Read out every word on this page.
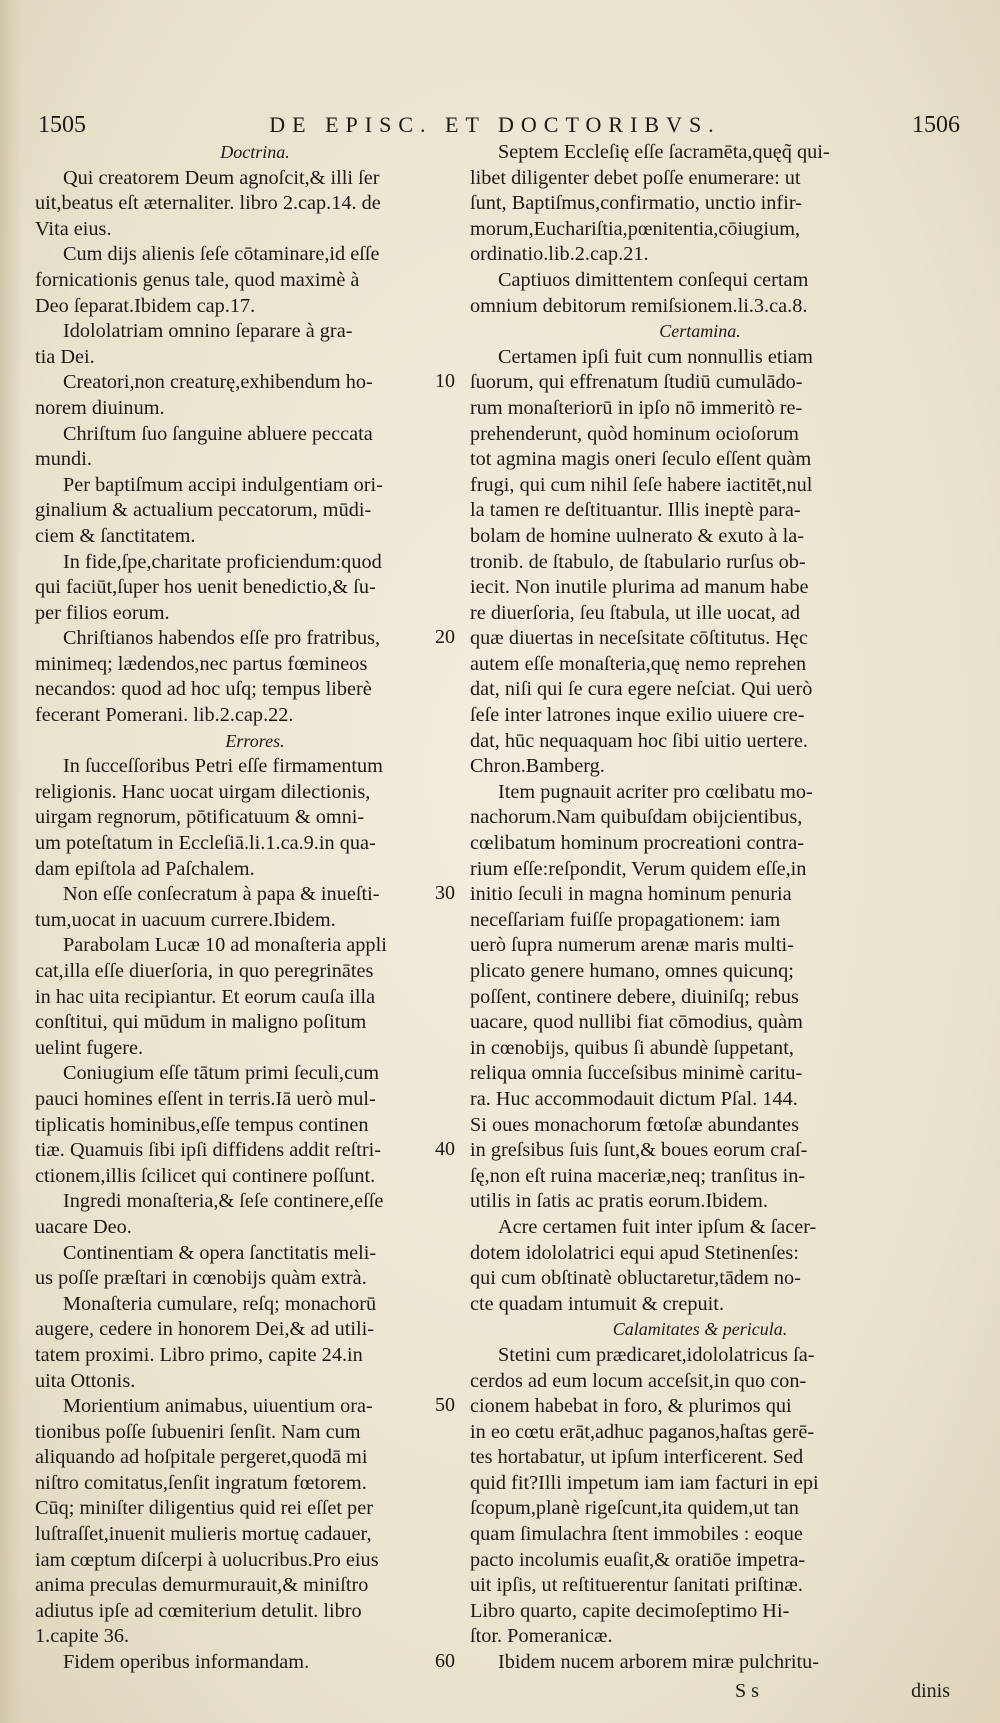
1505	DE EPISC. ET DOCTORIBVS.	1506
Doctrina.
Qui creatorem Deum agnoſcit,& illi ſer
uit,beatus eſt æternaliter. libro 2.cap.14. de
Vita eius.
Cum dijs alienis ſeſe cōtaminare,id eſſe
fornicationis genus tale, quod maximè à
Deo ſeparat.Ibidem cap.17.
Idololatriam omnino ſeparare à gra-
tia Dei.
Creatori,non creaturę,exhibendum ho-
norem diuinum.
Chriſtum ſuo ſanguine abluere peccata
mundi.
Per baptiſmum accipi indulgentiam ori-
ginalium & actualium peccatorum, mūdi-
ciem & ſanctitatem.
In fide,ſpe,charitate proficiendum:quod
qui faciūt,ſuper hos uenit benedictio,& ſu-
per filios eorum.
Chriſtianos habendos eſſe pro fratribus,
minimeq; lædendos,nec partus fœmineos
necandos: quod ad hoc uſq; tempus liberè
fecerant Pomerani. lib.2.cap.22.
Errores.
In ſucceſſoribus Petri eſſe firmamentum
religionis. Hanc uocat uirgam dilectionis,
uirgam regnorum, pōtificatuum & omni-
um poteſtatum in Eccleſiā.li.1.ca.9.in qua-
dam epiſtola ad Paſchalem.
Non eſſe conſecratum à papa & inueſti-
tum,uocat in uacuum currere.Ibidem.
Parabolam Lucæ 10 ad monaſteria appli
cat,illa eſſe diuerſoria, in quo peregrinātes
in hac uita recipiantur. Et eorum cauſa illa
conſtitui, qui mūdum in maligno poſitum
uelint fugere.
Coniugium eſſe tātum primi ſeculi,cum
pauci homines eſſent in terris.Iā uerò mul-
tiplicatis hominibus,eſſe tempus continen
tiæ. Quamuis ſibi ipſi diffidens addit reſtri-
ctionem,illis ſcilicet qui continere poſſunt.
Ingredi monaſteria,& ſeſe continere,eſſe
uacare Deo.
Continentiam & opera ſanctitatis meli-
us poſſe præſtari in cœnobijs quàm extrà.
Monaſteria cumulare, reſq; monachorū
augere, cedere in honorem Dei,& ad utili-
tatem proximi. Libro primo, capite 24.in
uita Ottonis.
Morientium animabus, uiuentium ora-
tionibus poſſe ſubueniri ſenſit. Nam cum
aliquando ad hoſpitale pergeret,quodā mi
niſtro comitatus,ſenſit ingratum fœtorem.
Cūq; miniſter diligentius quid rei eſſet per
luſtraſſet,inuenit mulieris mortuę cadauer,
iam cœptum diſcerpi à uolucribus.Pro eius
anima preculas demurmurauit,& miniſtro
adiutus ipſe ad cœmiterium detulit. libro
1.capite 36.
Fidem operibus informandam.
10
20
30
40
50
60
Septem Eccleſię eſſe ſacramēta,quęq̃ qui-
libet diligenter debet poſſe enumerare: ut
ſunt, Baptiſmus,confirmatio, unctio infir-
morum,Euchariſtia,pœnitentia,cōiugium,
ordinatio.lib.2.cap.21.
Captiuos dimittentem conſequi certam
omnium debitorum remiſsionem.li.3.ca.8.
Certamina.
Certamen ipſi fuit cum nonnullis etiam
ſuorum, qui effrenatum ſtudiū cumulādo-
rum monaſteriorū in ipſo nō immeritò re-
prehenderunt, quòd hominum ocioſorum
tot agmina magis oneri ſeculo eſſent quàm
frugi, qui cum nihil ſeſe habere iactitēt,nul
la tamen re deſtituantur. Illis ineptè para-
bolam de homine uulnerato & exuto à la-
tronib. de ſtabulo, de ſtabulario rurſus ob-
iecit. Non inutile plurima ad manum habe
re diuerſoria, ſeu ſtabula, ut ille uocat, ad
quæ diuertas in neceſsitate cōſtitutus. Hęc
autem eſſe monaſteria,quę nemo reprehen
dat, niſi qui ſe cura egere neſciat. Qui uerò
ſeſe inter latrones inque exilio uiuere cre-
dat, hūc nequaquam hoc ſibi uitio uertere.
Chron.Bamberg.
Item pugnauit acriter pro cœlibatu mo-
nachorum.Nam quibuſdam obijcientibus,
cœlibatum hominum procreationi contra-
rium eſſe:reſpondit, Verum quidem eſſe,in
initio ſeculi in magna hominum penuria
neceſſariam fuiſſe propagationem: iam
uerò ſupra numerum arenæ maris multi-
plicato genere humano, omnes quicunq;
poſſent, continere debere, diuiniſq; rebus
uacare, quod nullibi fiat cōmodius, quàm
in cœnobijs, quibus ſi abundè ſuppetant,
reliqua omnia ſucceſsibus minimè caritu-
ra. Huc accommodauit dictum Pſal. 144.
Si oues monachorum fœtoſæ abundantes
in greſsibus ſuis ſunt,& boues eorum craſ-
ſę,non eſt ruina maceriæ,neq; tranſitus in-
utilis in ſatis ac pratis eorum.Ibidem.
Acre certamen fuit inter ipſum & ſacer-
dotem idololatrici equi apud Stetinenſes:
qui cum obſtinatè obluctaretur,tādem no-
cte quadam intumuit & crepuit.
Calamitates & pericula.
Stetini cum prædicaret,idololatricus ſa-
cerdos ad eum locum acceſsit,in quo con-
cionem habebat in foro, & plurimos qui
in eo cœtu erāt,adhuc paganos,haſtas gerē-
tes hortabatur, ut ipſum interficerent. Sed
quid fit?Illi impetum iam iam facturi in epi
ſcopum,planè rigeſcunt,ita quidem,ut tan
quam ſimulachra ſtent immobiles : eoque
pacto incolumis euaſit,& oratiōe impetra-
uit ipſis, ut reſtituerentur ſanitati priſtinæ.
Libro quarto, capite decimoſeptimo Hi-
ſtor. Pomeranicæ.
Ibidem nucem arborem miræ pulchritu-
S s	dinis
